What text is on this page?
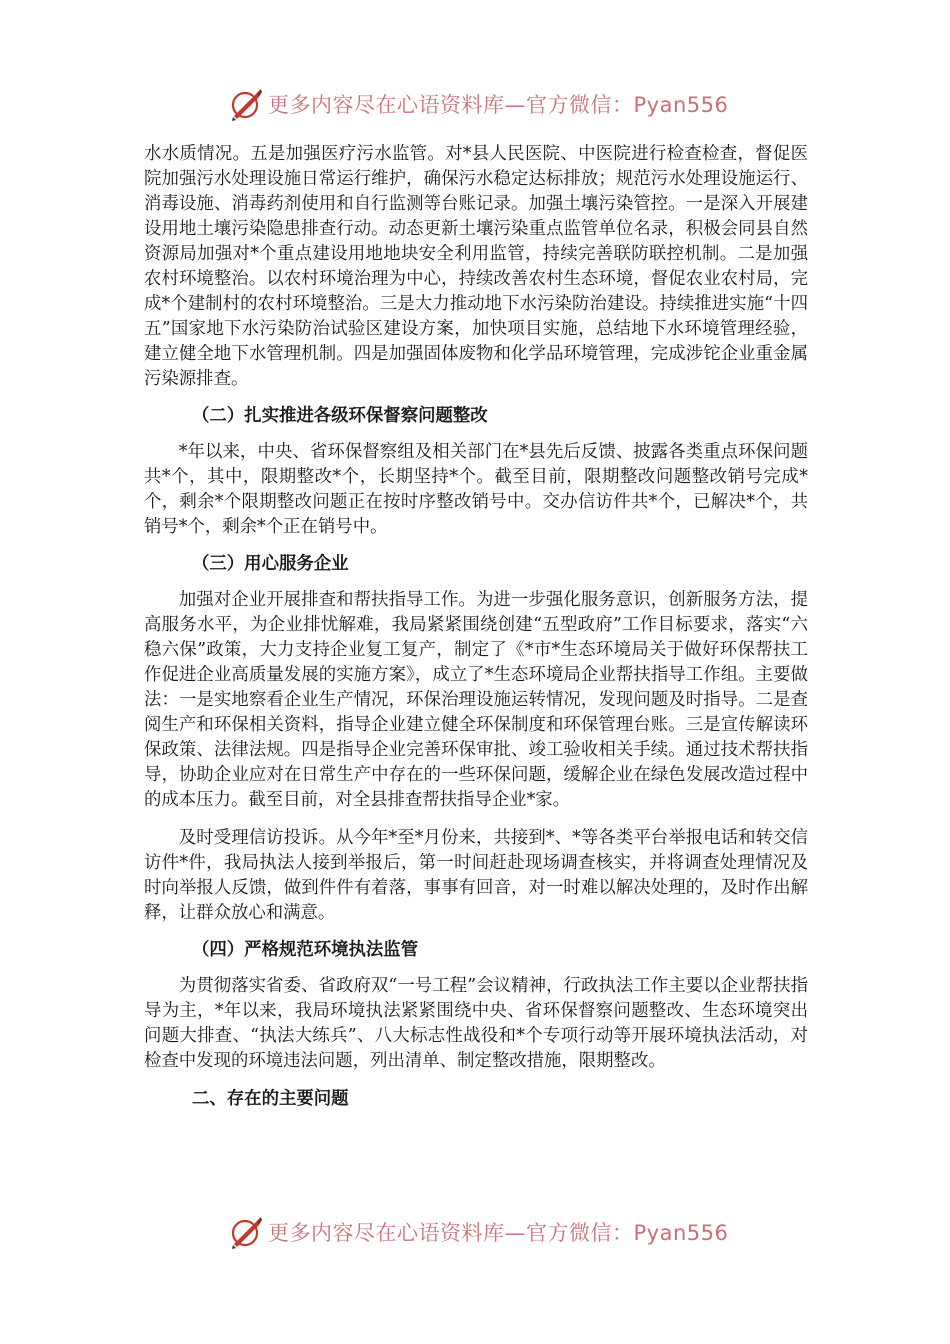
更多内容尽在心语资料库—官方微信：Pyan556

水水质情况。五是加强医疗污水监管。对*县人民医院、中医院进行检查检查，督促医院加强污水处理设施日常运行维护，确保污水稳定达标排放；规范污水处理设施运行、消毒设施、消毒药剂使用和自行监测等台账记录。加强土壤污染管控。一是深入开展建设用地土壤污染隐患排查行动。动态更新土壤污染重点监管单位名录，积极会同县自然资源局加强对*个重点建设用地地块安全利用监管，持续完善联防联控机制。二是加强农村环境整治。以农村环境治理为中心，持续改善农村生态环境，督促农业农村局，完成*个建制村的农村环境整治。三是大力推动地下水污染防治建设。持续推进实施“十四五”国家地下水污染防治试验区建设方案，加快项目实施，总结地下水环境管理经验，建立健全地下水管理机制。四是加强固体废物和化学品环境管理，完成涉铊企业重金属污染源排查。

（二）扎实推进各级环保督察问题整改

*年以来，中央、省环保督察组及相关部门在*县先后反馈、披露各类重点环保问题共*个，其中，限期整改*个，长期坚持*个。截至目前，限期整改问题整改销号完成*个，剩余*个限期整改问题正在按时序整改销号中。交办信访件共*个，已解决*个，共销号*个，剩余*个正在销号中。

（三）用心服务企业

加强对企业开展排查和帮扶指导工作。为进一步强化服务意识，创新服务方法，提高服务水平，为企业排忧解难，我局紧紧围绕创建“五型政府”工作目标要求，落实“六稳六保”政策，大力支持企业复工复产，制定了《*市*生态环境局关于做好环保帮扶工作促进企业高质量发展的实施方案》，成立了*生态环境局企业帮扶指导工作组。主要做法：一是实地察看企业生产情况，环保治理设施运转情况，发现问题及时指导。二是查阅生产和环保相关资料，指导企业建立健全环保制度和环保管理台账。三是宣传解读环保政策、法律法规。四是指导企业完善环保审批、竣工验收相关手续。通过技术帮扶指导，协助企业应对在日常生产中存在的一些环保问题，缓解企业在绿色发展改造过程中的成本压力。截至目前，对全县排查帮扶指导企业*家。

及时受理信访投诉。从今年*至*月份来，共接到*、*等各类平台举报电话和转交信访件*件，我局执法人接到举报后，第一时间赶赴现场调查核实，并将调查处理情况及时向举报人反馈，做到件件有着落，事事有回音，对一时难以解决处理的，及时作出解释，让群众放心和满意。

（四）严格规范环境执法监管

为贯彻落实省委、省政府双“一号工程”会议精神，行政执法工作主要以企业帮扶指导为主，*年以来，我局环境执法紧紧围绕中央、省环保督察问题整改、生态环境突出问题大排查、“执法大练兵”、八大标志性战役和*个专项行动等开展环境执法活动，对检查中发现的环境违法问题，列出清单、制定整改措施，限期整改。

二、存在的主要问题
更多内容尽在心语资料库—官方微信：Pyan556
